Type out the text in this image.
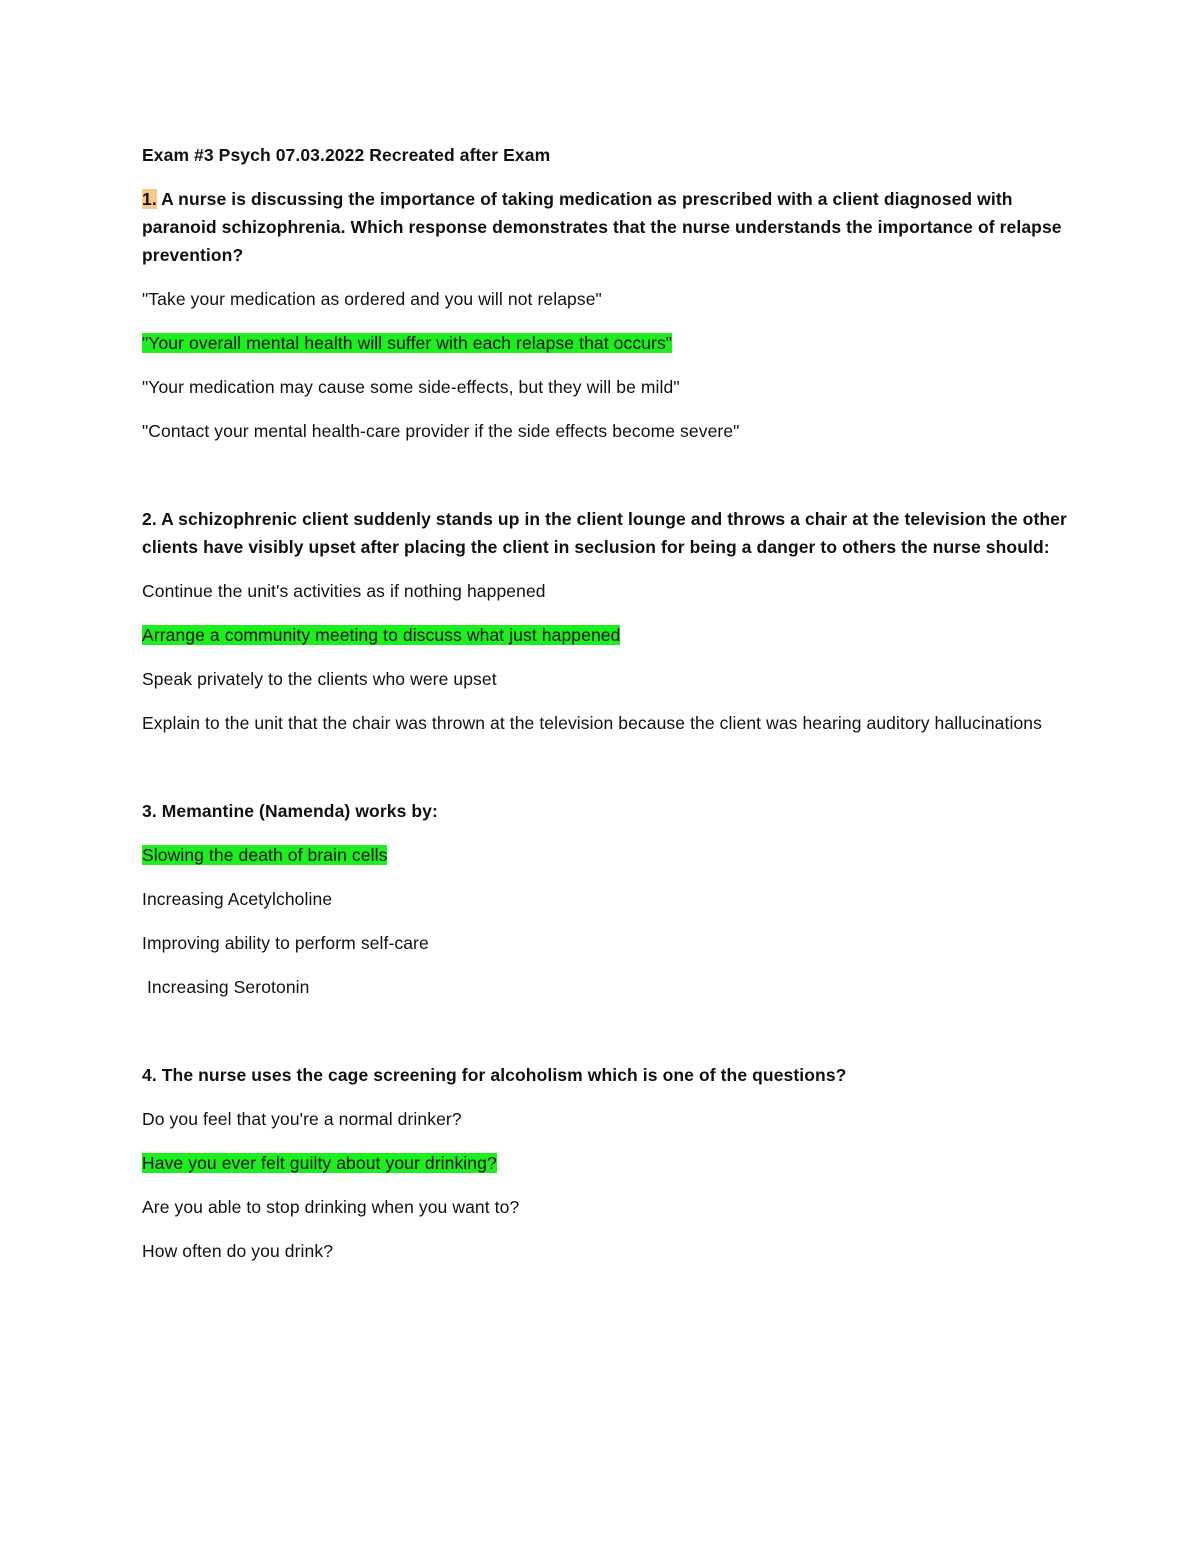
Exam #3 Psych 07.03.2022 Recreated after Exam
1. A nurse is discussing the importance of taking medication as prescribed with a client diagnosed with paranoid schizophrenia. Which response demonstrates that the nurse understands the importance of relapse prevention?
"Take your medication as ordered and you will not relapse"
"Your overall mental health will suffer with each relapse that occurs"
"Your medication may cause some side-effects, but they will be mild"
"Contact your mental health-care provider if the side effects become severe"
2. A schizophrenic client suddenly stands up in the client lounge and throws a chair at the television the other clients have visibly upset after placing the client in seclusion for being a danger to others the nurse should:
Continue the unit's activities as if nothing happened
Arrange a community meeting to discuss what just happened
Speak privately to the clients who were upset
Explain to the unit that the chair was thrown at the television because the client was hearing auditory hallucinations
3. Memantine (Namenda) works by:
Slowing the death of brain cells
Increasing Acetylcholine
Improving ability to perform self-care
Increasing Serotonin
4. The nurse uses the cage screening for alcoholism which is one of the questions?
Do you feel that you're a normal drinker?
Have you ever felt guilty about your drinking?
Are you able to stop drinking when you want to?
How often do you drink?
